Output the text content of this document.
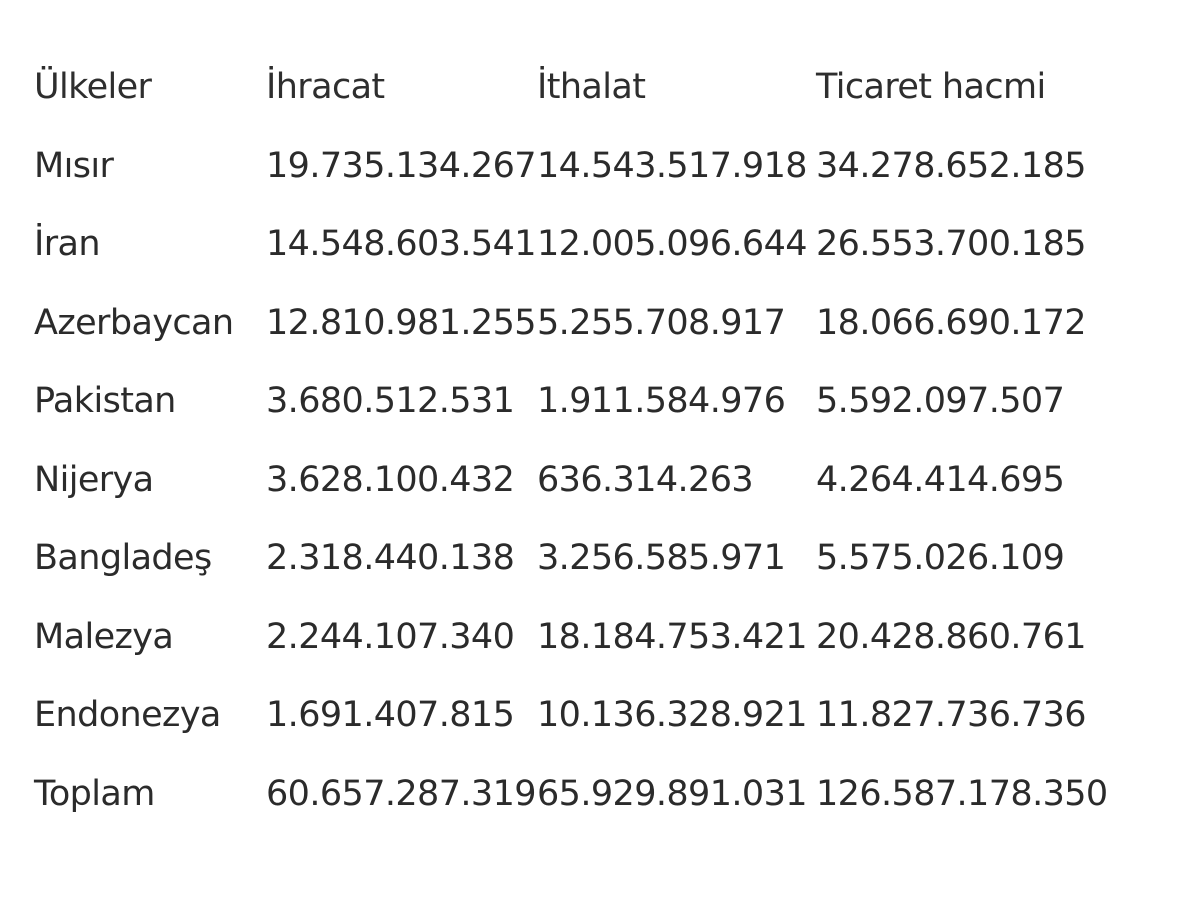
Ülkeler	İhracat	İthalat	Ticaret hacmi
Mısır	19.735.134.267	14.543.517.918	34.278.652.185
İran	14.548.603.541	12.005.096.644	26.553.700.185
Azerbaycan	12.810.981.255	5.255.708.917	18.066.690.172
Pakistan	3.680.512.531	1.911.584.976	5.592.097.507
Nijerya	3.628.100.432	636.314.263	4.264.414.695
Bangladeş	2.318.440.138	3.256.585.971	5.575.026.109
Malezya	2.244.107.340	18.184.753.421	20.428.860.761
Endonezya	1.691.407.815	10.136.328.921	11.827.736.736
Toplam	60.657.287.319	65.929.891.031	126.587.178.350
